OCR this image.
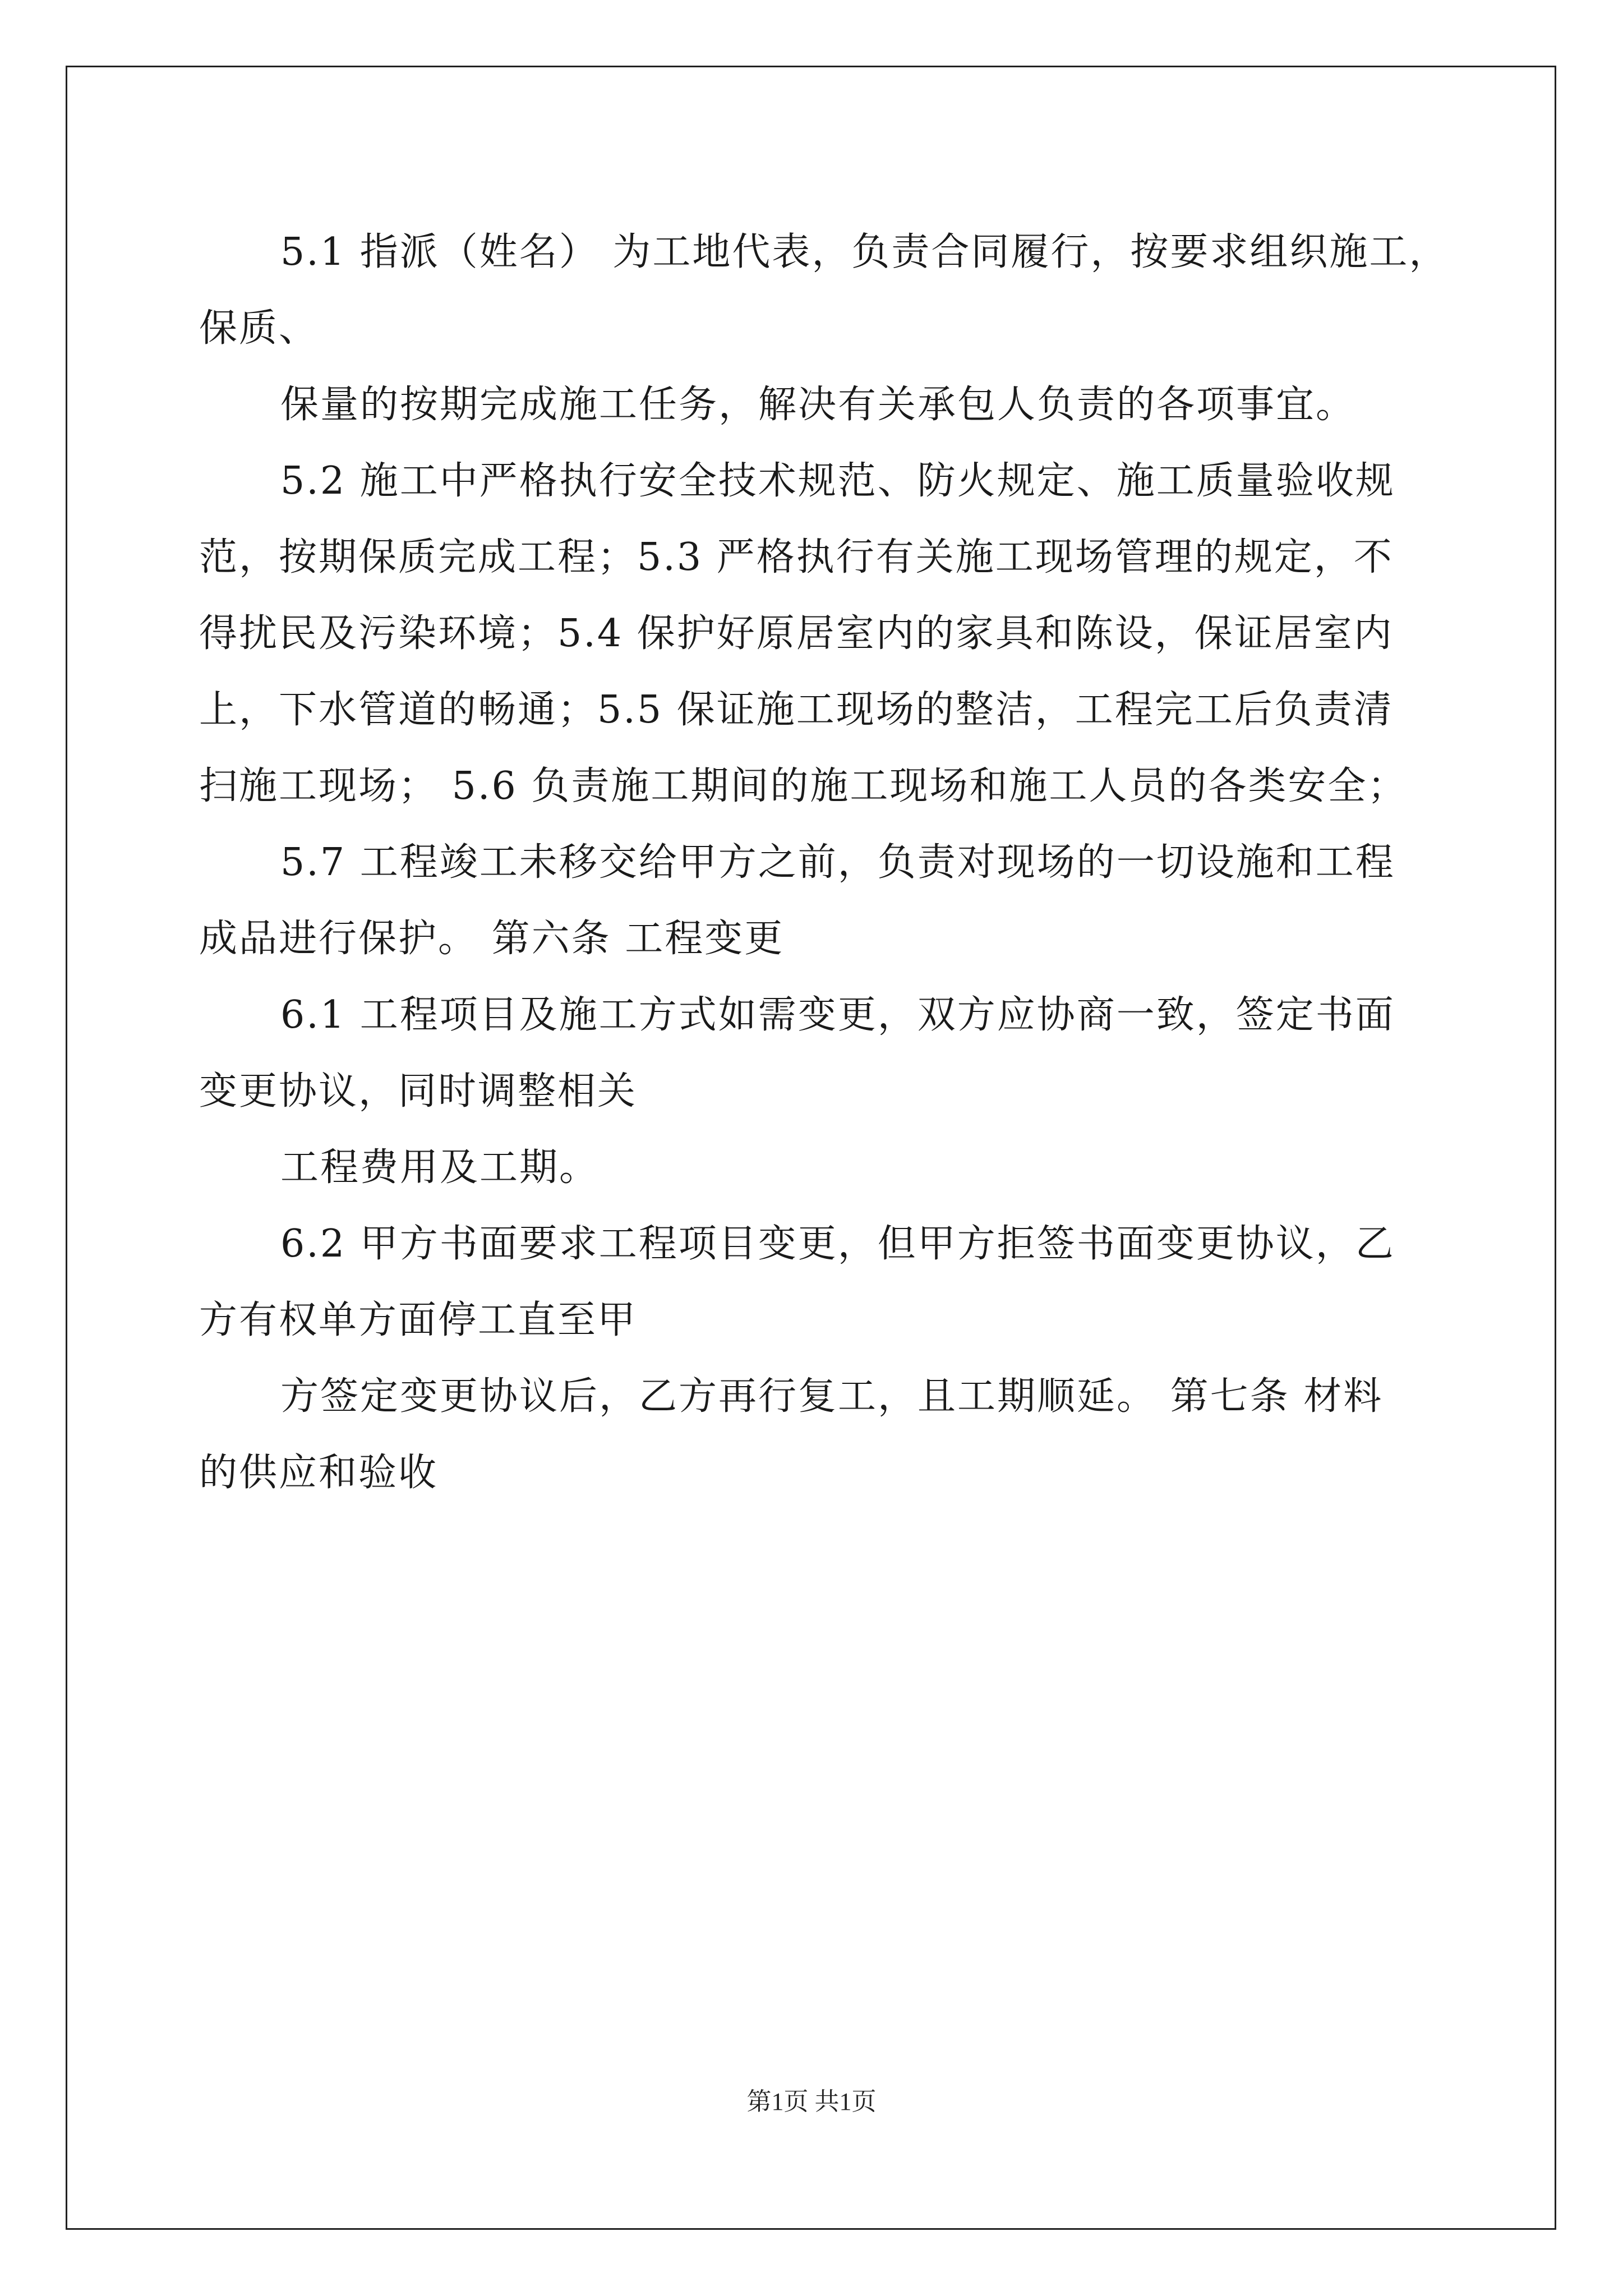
5.1 指派（姓名） 为工地代表，负责合同履行，按要求组织施工，
保质、
保量的按期完成施工任务，解决有关承包人负责的各项事宜。
5.2 施工中严格执行安全技术规范、防火规定、施工质量验收规
范，按期保质完成工程；5.3 严格执行有关施工现场管理的规定，不
得扰民及污染环境；5.4 保护好原居室内的家具和陈设，保证居室内
上，下水管道的畅通；5.5 保证施工现场的整洁，工程完工后负责清
扫施工现场； 5.6 负责施工期间的施工现场和施工人员的各类安全；
5.7 工程竣工未移交给甲方之前，负责对现场的一切设施和工程
成品进行保护。 第六条 工程变更
6.1 工程项目及施工方式如需变更，双方应协商一致，签定书面
变更协议，同时调整相关
工程费用及工期。
6.2 甲方书面要求工程项目变更，但甲方拒签书面变更协议，乙
方有权单方面停工直至甲
方签定变更协议后，乙方再行复工，且工期顺延。 第七条 材料
的供应和验收
第1页 共1页
